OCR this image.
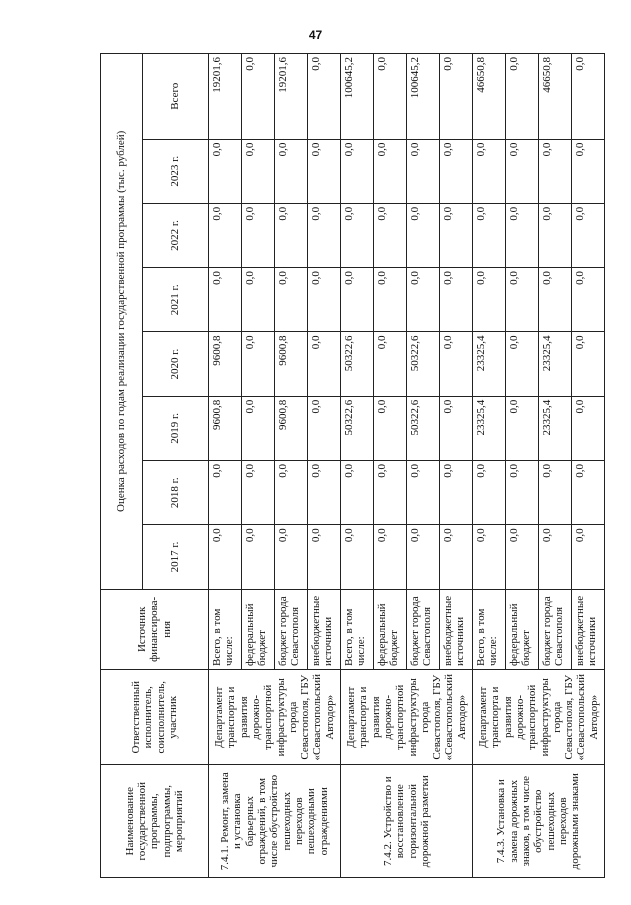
47
Наименование государственной программы, подпрограммы, мероприятий	Ответственный исполнитель, соисполнитель, участник	Источник финансирова-ния	Оценка расходов по годам реализации государственной программы (тыс. рублей)							
			2017 г.	2018 г.	2019 г.	2020 г.	2021 г.	2022 г.	2023 г.	Всего
7.4.1. Ремонт, замена и установка барьерных ограждений, в том числе обустройство пешеходных переходов пешеходными ограждениями	Департамент транспорта и развития дорожно-транспортной инфраструктуры города Севастополя, ГБУ «Севастопольский Автодор»	Всего, в том числе:	0,0	0,0	9600,8	9600,8	0,0	0,0	0,0	19201,6
		федеральный бюджет	0,0	0,0	0,0	0,0	0,0	0,0	0,0	0,0
		бюджет города Севастополя	0,0	0,0	9600,8	9600,8	0,0	0,0	0,0	19201,6
		внебюджетные источники	0,0	0,0	0,0	0,0	0,0	0,0	0,0	0,0
7.4.2. Устройство и восстановление горизонтальной дорожной разметки	Департамент транспорта и развития дорожно-транспортной инфраструктуры города Севастополя, ГБУ «Севастопольский Автодор»	Всего, в том числе:	0,0	0,0	50322,6	50322,6	0,0	0,0	0,0	100645,2
		федеральный бюджет	0,0	0,0	0,0	0,0	0,0	0,0	0,0	0,0
		бюджет города Севастополя	0,0	0,0	50322,6	50322,6	0,0	0,0	0,0	100645,2
		внебюджетные источники	0,0	0,0	0,0	0,0	0,0	0,0	0,0	0,0
7.4.3. Установка и замена дорожных знаков, в том числе обустройство пешеходных переходов дорожными знаками	Департамент транспорта и развития дорожно-транспортной инфраструктуры города Севастополя, ГБУ «Севастопольский Автодор»	Всего, в том числе:	0,0	0,0	23325,4	23325,4	0,0	0,0	0,0	46650,8
		федеральный бюджет	0,0	0,0	0,0	0,0	0,0	0,0	0,0	0,0
		бюджет города Севастополя	0,0	0,0	23325,4	23325,4	0,0	0,0	0,0	46650,8
		внебюджетные источники	0,0	0,0	0,0	0,0	0,0	0,0	0,0	0,0
